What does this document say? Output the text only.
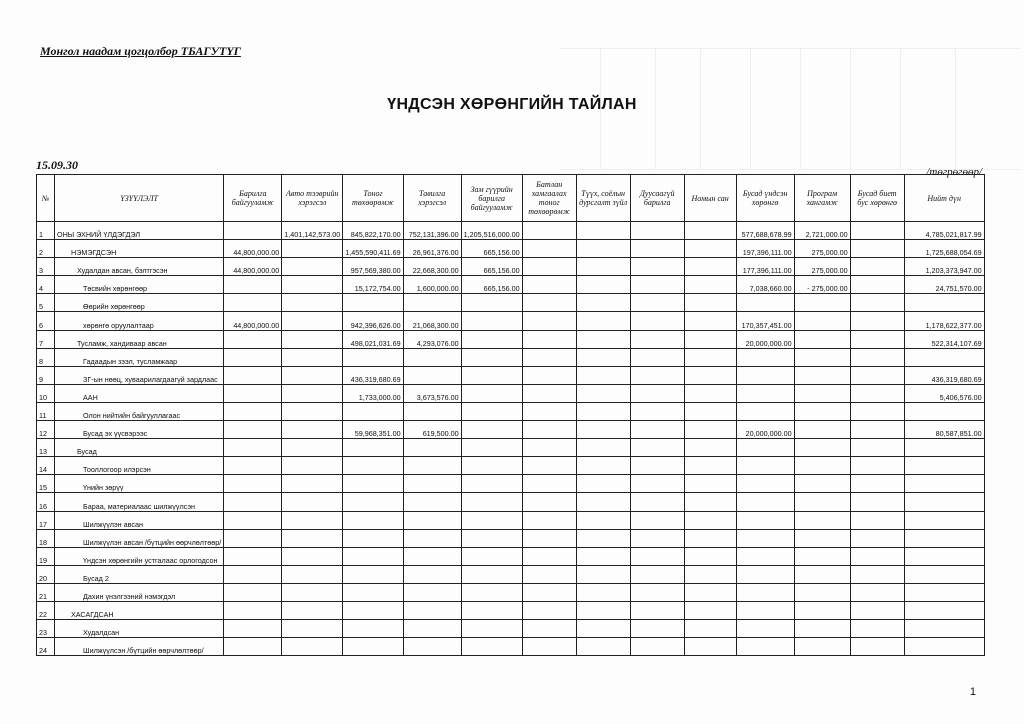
Монгол наадам цогцолбор ТБАГУТҮГ
ҮНДСЭН ХӨРӨНГИЙН ТАЙЛАН
15.09.30	/төгрөгөөр/
№	ҮЗҮҮЛЭЛТ	Барилга байгууламж	Авто тээврийн хэрэгсэл	Тоног төхөөрөмж	Тавилга хэрэгсэл	Зам гүүрийн барилга байгууламж	Батлан хамгаалах тоног төхөөрөмж	Түүх, соёлын дурсгалт зүйл	Дуусаагүй барилга	Номын сан	Бусад үндсэн хөрөнгө	Програм хангамж	Бусад биет бус хөрөнгө	Нийт дүн
1	ОНЫ ЭХНИЙ ҮЛДЭГДЭЛ		1,401,142,573.00	845,822,170.00	752,131,396.00	1,205,516,000.00					577,688,678.99	2,721,000.00		4,785,021,817.99
2	НЭМЭГДСЭН	44,800,000.00		1,455,590,411.69	26,961,376.00	665,156.00					197,396,111.00	275,000.00		1,725,688,054.69
3	Худалдан авсан, бэлтгэсэн	44,800,000.00		957,569,380.00	22,668,300.00	665,156.00					177,396,111.00	275,000.00		1,203,373,947.00
4	Төсвийн хөрөнгөөр			15,172,754.00	1,600,000.00	665,156.00					7,038,660.00	- 275,000.00		24,751,570.00
5	Өөрийн хөрөнгөөр													
6	хөрөнгө оруулалтаар	44,800,000.00		942,396,626.00	21,068,300.00						170,357,451.00			1,178,622,377.00
7	Тусламж, хандиваар авсан			498,021,031.69	4,293,076.00						20,000,000.00			522,314,107.69
8	Гадаадын зээл, тусламжаар													
9	ЗГ-ын нөөц, хуваарилагдаагүй зардлаас			436,319,680.69										436,319,680.69
10	ААН			1,733,000.00	3,673,576.00									5,406,576.00
11	Олон нийтийн байгууллагаас													
12	Бусад эх үүсвэрээс			59,968,351.00	619,500.00						20,000,000.00			80,587,851.00
13	Бусад													
14	Тооллогоор илэрсэн													
15	Үнийн зөрүү													
16	Бараа, материалаас шилжүүлсэн													
17	Шилжүүлэн авсан													
18	Шилжүүлэн авсан /бүтцийн өөрчлөлтөөр/													
19	Үндсэн хөрөнгийн устгалаас орлогодсон													
20	Бусад 2													
21	Дахин үнэлгээний нэмэгдэл													
22	ХАСАГДСАН													
23	Худалдсан													
24	Шилжүүлсэн /бүтцийн өөрчлөлтөөр/													
1
